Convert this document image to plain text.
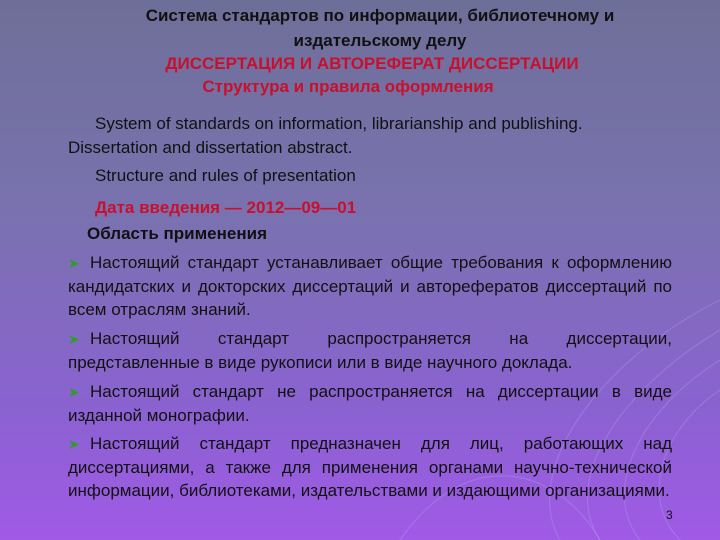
Система стандартов по информации, библиотечному и
издательскому делу
ДИССЕРТАЦИЯ И АВТОРЕФЕРАТ ДИССЕРТАЦИИ
Структура и правила оформления
System of standards on information, librarianship and publishing.
Dissertation and dissertation abstract.
Structure and rules of presentation
Дата введения — 2012—09—01
Область применения
➤ Настоящий стандарт устанавливает общие требования к оформлению кандидатских и докторских диссертаций и авторефератов диссертаций по всем отраслям знаний.
➤ Настоящий стандарт распространяется на диссертации, представленные в виде рукописи или в виде научного доклада.
➤ Настоящий стандарт не распространяется на диссертации в виде изданной монографии.
➤ Настоящий стандарт предназначен для лиц, работающих над диссертациями, а также для применения органами научно-технической информации, библиотеками, издательствами и издающими организациями.
3
